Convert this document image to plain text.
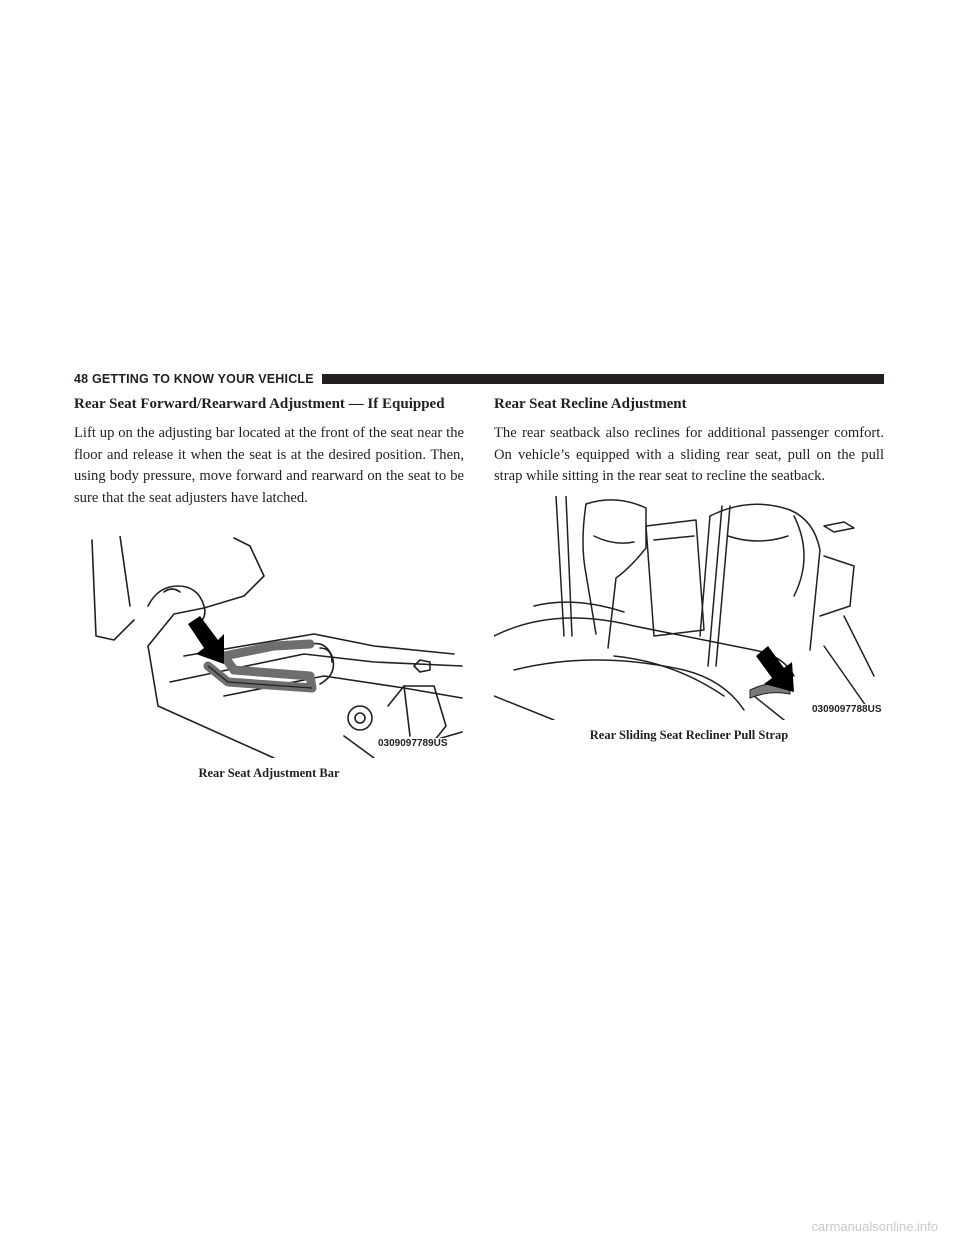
48 GETTING TO KNOW YOUR VEHICLE
Rear Seat Forward/Rearward Adjustment — If Equipped

Lift up on the adjusting bar located at the front of the seat near the floor and release it when the seat is at the desired position. Then, using body pressure, move forward and rearward on the seat to be sure that the seat adjusters have latched.

0309097789US
Rear Seat Adjustment Bar
Rear Seat Recline Adjustment

The rear seatback also reclines for additional passenger comfort. On vehicle’s equipped with a sliding rear seat, pull on the pull strap while sitting in the rear seat to recline the seatback.

0309097788US
Rear Sliding Seat Recliner Pull Strap
carmanualsonline.info
